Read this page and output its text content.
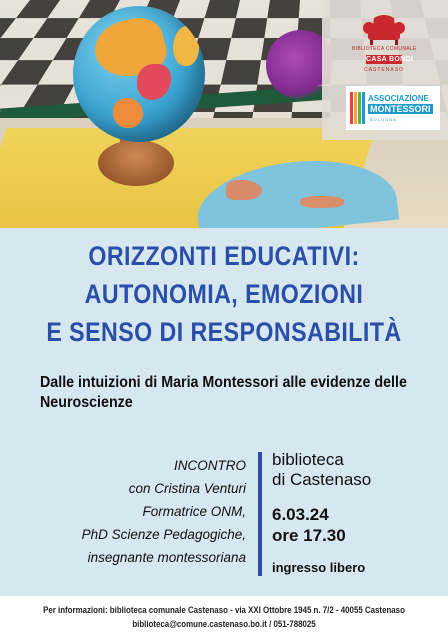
BIBLIOTECA COMUNALE
CASA BONDI
CASTENASO
ASSOCIAZIONE
MONTESSORI
BOLOGNA
ORIZZONTI EDUCATIVI:
AUTONOMIA, EMOZIONI
E SENSO DI RESPONSABILITÀ
Dalle intuizioni di Maria Montessori alle evidenze delle Neuroscienze
INCONTRO
con Cristina Venturi
Formatrice ONM,
PhD Scienze Pedagogiche,
insegnante montessoriana
biblioteca
di Castenaso
6.03.24
ore 17.30
ingresso libero
Per informazioni: biblioteca comunale Castenaso - via XXI Ottobre 1945 n. 7/2 - 40055 Castenaso
biblioteca@comune.castenaso.bo.it / 051-788025
